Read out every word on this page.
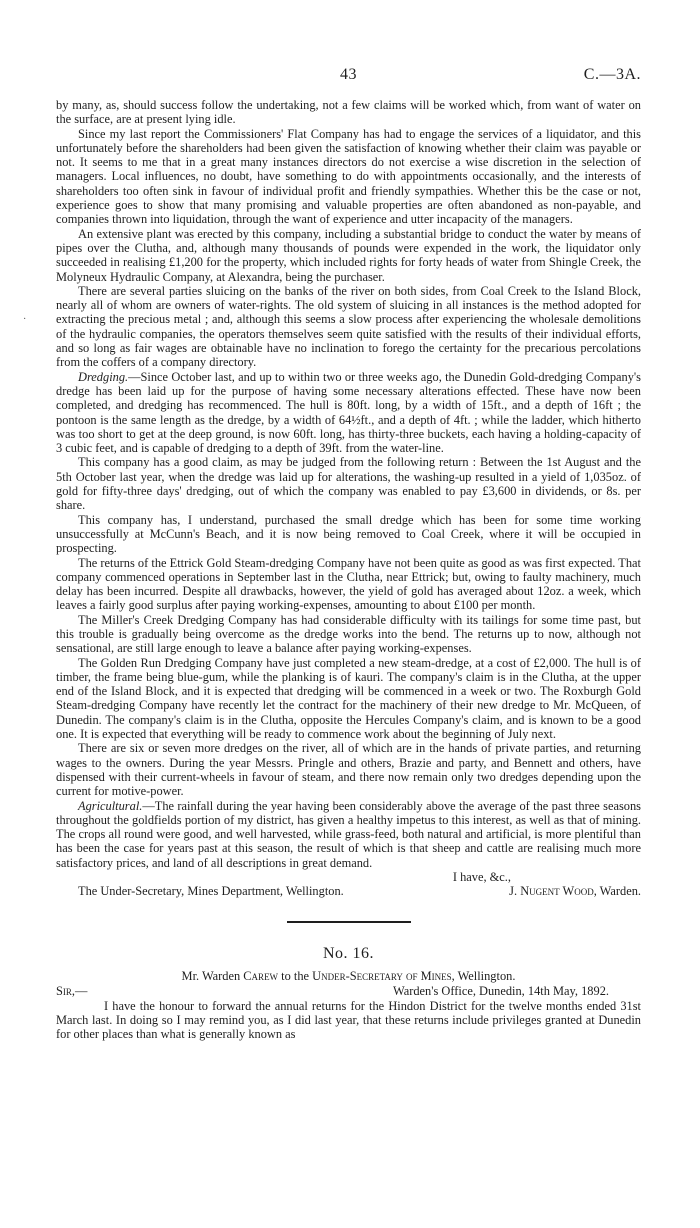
43	C.—3A.

by many, as, should success follow the undertaking, not a few claims will be worked which, from want of water on the surface, are at present lying idle.

Since my last report the Commissioners' Flat Company has had to engage the services of a liquidator, and this unfortunately before the shareholders had been given the satisfaction of knowing whether their claim was payable or not. It seems to me that in a great many instances directors do not exercise a wise discretion in the selection of managers. Local influences, no doubt, have something to do with appointments occasionally, and the interests of shareholders too often sink in favour of individual profit and friendly sympathies. Whether this be the case or not, experience goes to show that many promising and valuable properties are often abandoned as non-payable, and companies thrown into liquidation, through the want of experience and utter incapacity of the managers.

An extensive plant was erected by this company, including a substantial bridge to conduct the water by means of pipes over the Clutha, and, although many thousands of pounds were expended in the work, the liquidator only succeeded in realising £1,200 for the property, which included rights for forty heads of water from Shingle Creek, the Molyneux Hydraulic Company, at Alexandra, being the purchaser.

There are several parties sluicing on the banks of the river on both sides, from Coal Creek to the Island Block, nearly all of whom are owners of water-rights. The old system of sluicing in all instances is the method adopted for extracting the precious metal ; and, although this seems a slow process after experiencing the wholesale demolitions of the hydraulic companies, the operators themselves seem quite satisfied with the results of their individual efforts, and so long as fair wages are obtainable have no inclination to forego the certainty for the precarious percolations from the coffers of a company directory.

Dredging.—Since October last, and up to within two or three weeks ago, the Dunedin Gold-dredging Company's dredge has been laid up for the purpose of having some necessary alterations effected. These have now been completed, and dredging has recommenced. The hull is 80ft. long, by a width of 15ft., and a depth of 16ft ; the pontoon is the same length as the dredge, by a width of 64½ft., and a depth of 4ft. ; while the ladder, which hitherto was too short to get at the deep ground, is now 60ft. long, has thirty-three buckets, each having a holding-capacity of 3 cubic feet, and is capable of dredging to a depth of 39ft. from the water-line.

This company has a good claim, as may be judged from the following return : Between the 1st August and the 5th October last year, when the dredge was laid up for alterations, the washing-up resulted in a yield of 1,035oz. of gold for fifty-three days' dredging, out of which the company was enabled to pay £3,600 in dividends, or 8s. per share.

This company has, I understand, purchased the small dredge which has been for some time working unsuccessfully at McCunn's Beach, and it is now being removed to Coal Creek, where it will be occupied in prospecting.

The returns of the Ettrick Gold Steam-dredging Company have not been quite as good as was first expected. That company commenced operations in September last in the Clutha, near Ettrick; but, owing to faulty machinery, much delay has been incurred. Despite all drawbacks, however, the yield of gold has averaged about 12oz. a week, which leaves a fairly good surplus after paying working-expenses, amounting to about £100 per month.

The Miller's Creek Dredging Company has had considerable difficulty with its tailings for some time past, but this trouble is gradually being overcome as the dredge works into the bend. The returns up to now, although not sensational, are still large enough to leave a balance after paying working-expenses.

The Golden Run Dredging Company have just completed a new steam-dredge, at a cost of £2,000. The hull is of timber, the frame being blue-gum, while the planking is of kauri. The company's claim is in the Clutha, at the upper end of the Island Block, and it is expected that dredging will be commenced in a week or two. The Roxburgh Gold Steam-dredging Company have recently let the contract for the machinery of their new dredge to Mr. McQueen, of Dunedin. The company's claim is in the Clutha, opposite the Hercules Company's claim, and is known to be a good one. It is expected that everything will be ready to commence work about the beginning of July next.

There are six or seven more dredges on the river, all of which are in the hands of private parties, and returning wages to the owners. During the year Messrs. Pringle and others, Brazie and party, and Bennett and others, have dispensed with their current-wheels in favour of steam, and there now remain only two dredges depending upon the current for motive-power.

Agricultural.—The rainfall during the year having been considerably above the average of the past three seasons throughout the goldfields portion of my district, has given a healthy impetus to this interest, as well as that of mining. The crops all round were good, and well harvested, while grass-feed, both natural and artificial, is more plentiful than has been the case for years past at this season, the result of which is that sheep and cattle are realising much more satisfactory prices, and land of all descriptions in great demand.

I have, &c.,
The Under-Secretary, Mines Department, Wellington.	J. Nugent Wood, Warden.
No. 16.
Mr. Warden Carew to the Under-Secretary of Mines, Wellington.
Sir,—	Warden's Office, Dunedin, 14th May, 1892.

I have the honour to forward the annual returns for the Hindon District for the twelve months ended 31st March last. In doing so I may remind you, as I did last year, that these returns include privileges granted at Dunedin for other places than what is generally known as

·
